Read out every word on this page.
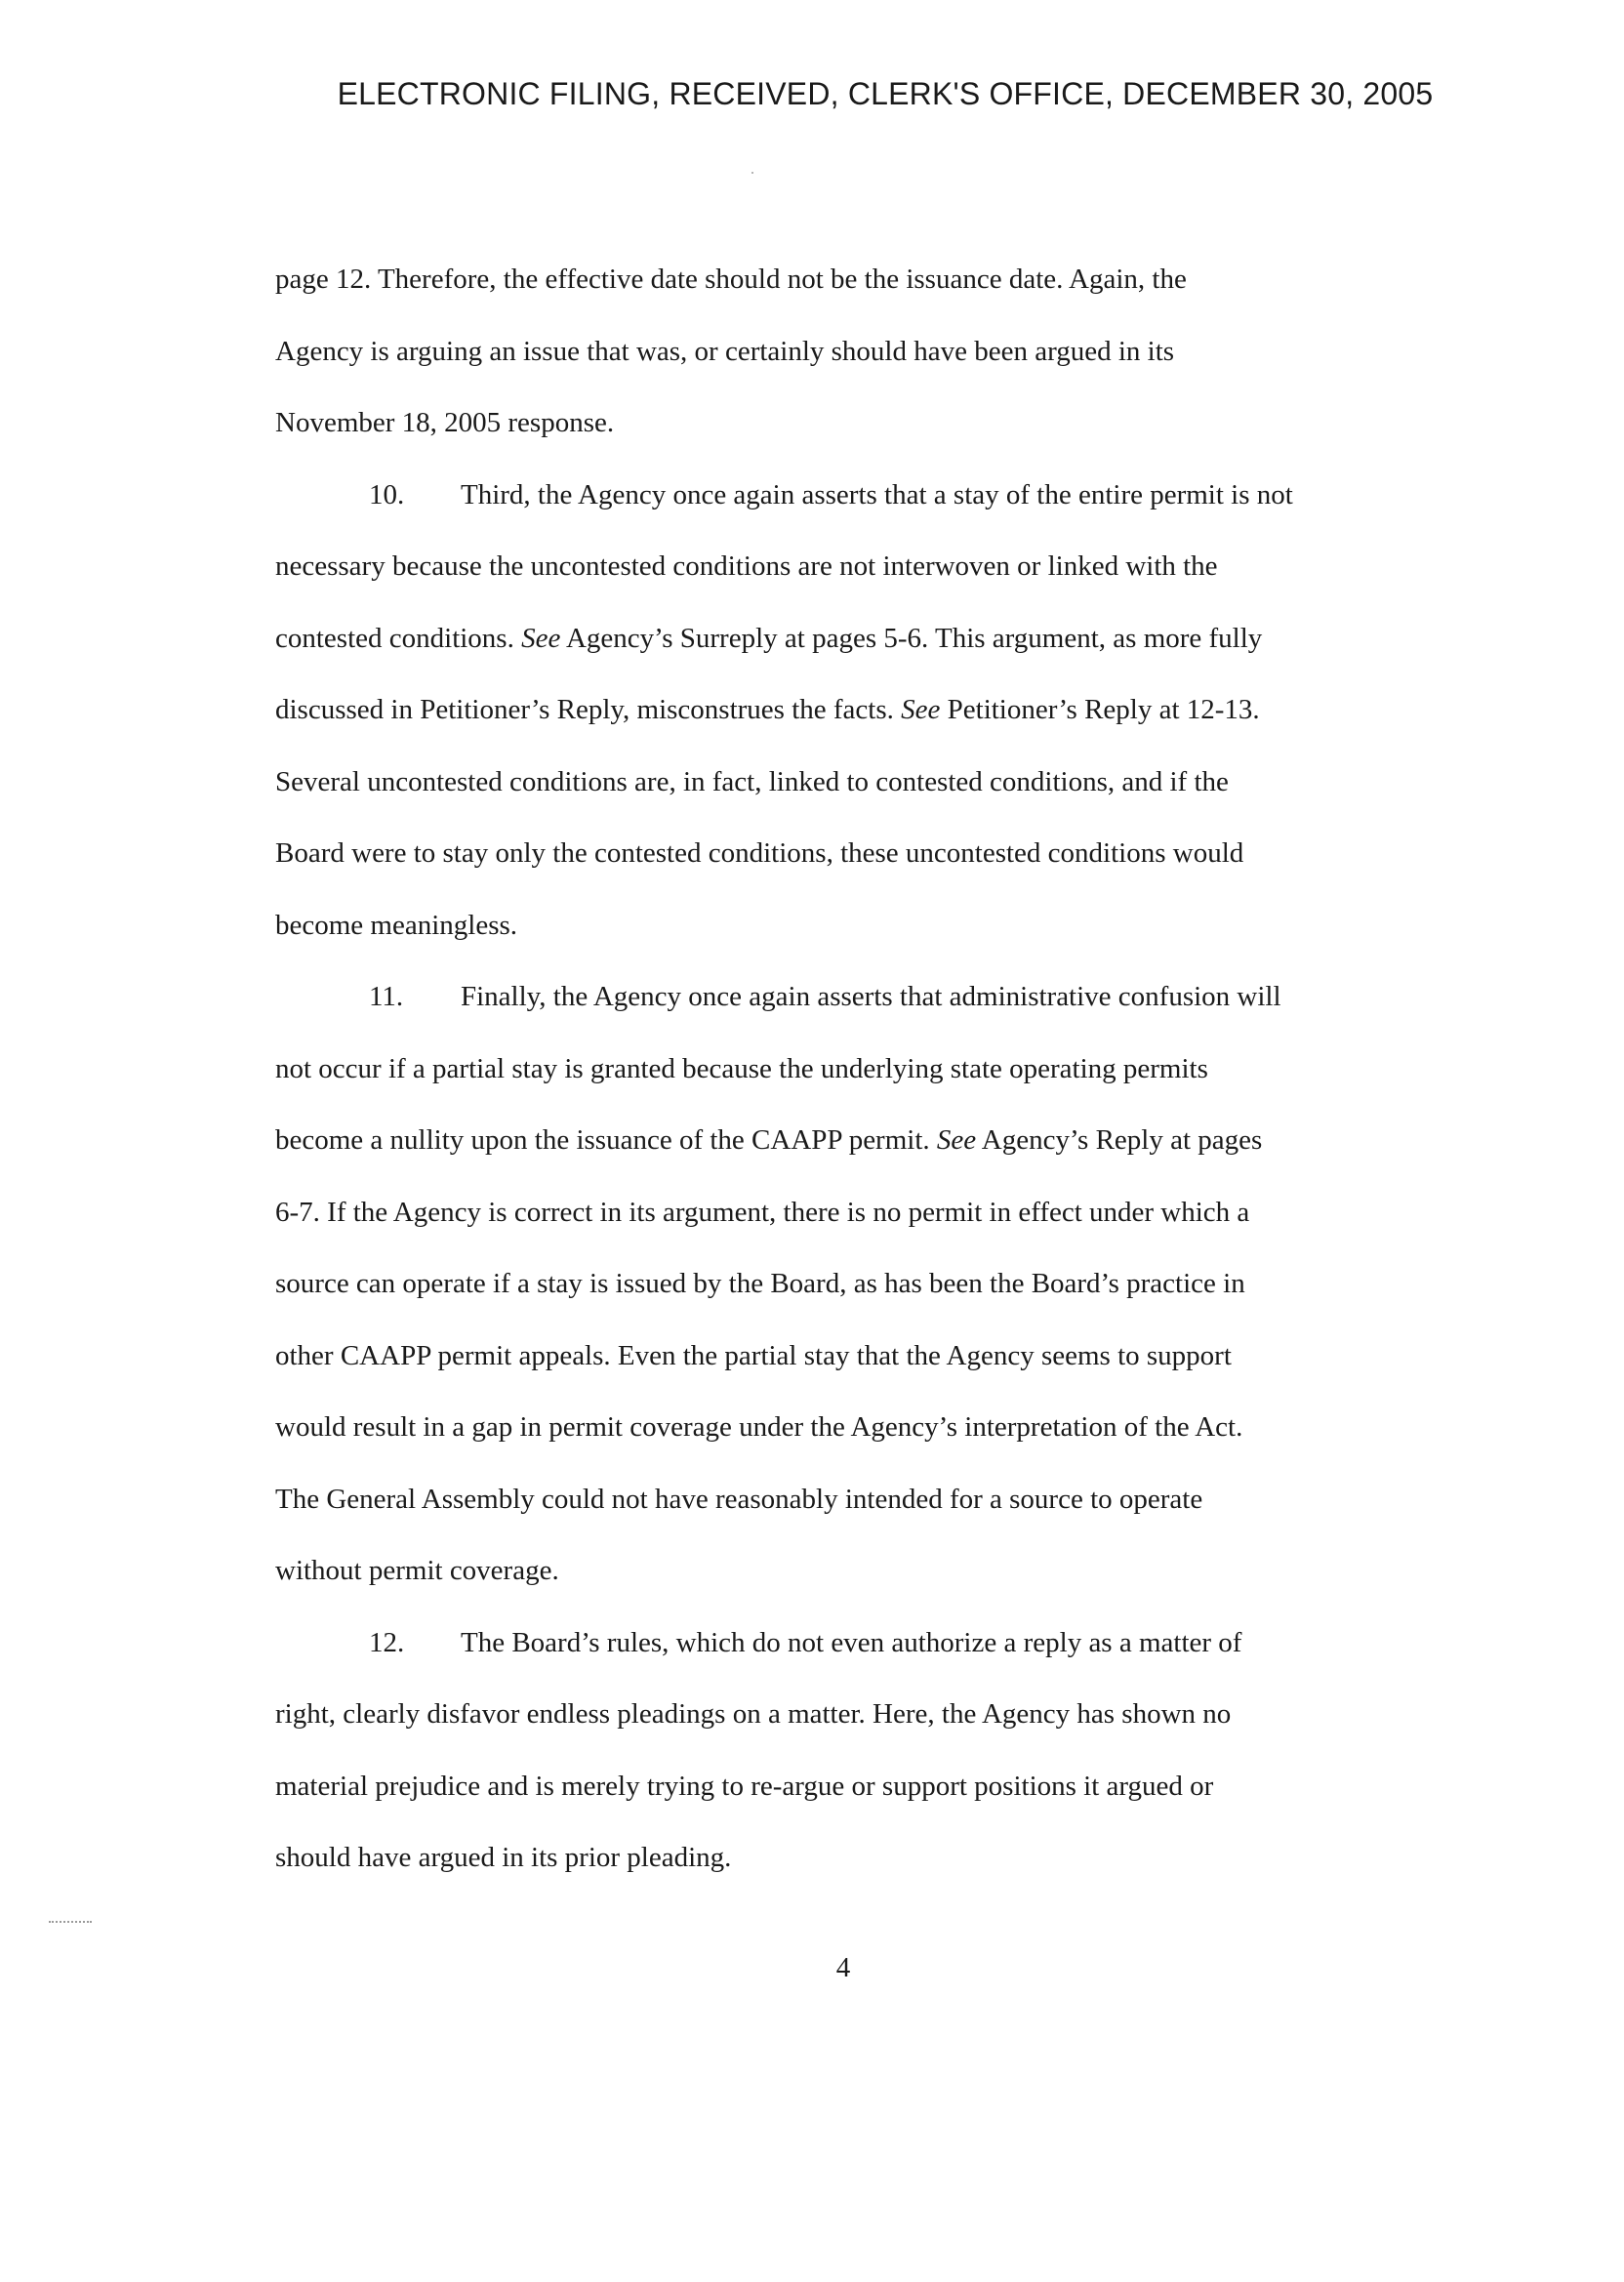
ELECTRONIC FILING, RECEIVED, CLERK'S OFFICE, DECEMBER 30, 2005
page 12. Therefore, the effective date should not be the issuance date. Again, the
Agency is arguing an issue that was, or certainly should have been argued in its
November 18, 2005 response.
10. Third, the Agency once again asserts that a stay of the entire permit is not
necessary because the uncontested conditions are not interwoven or linked with the
contested conditions. See Agency’s Surreply at pages 5-6. This argument, as more fully
discussed in Petitioner’s Reply, misconstrues the facts. See Petitioner’s Reply at 12-13.
Several uncontested conditions are, in fact, linked to contested conditions, and if the
Board were to stay only the contested conditions, these uncontested conditions would
become meaningless.
11. Finally, the Agency once again asserts that administrative confusion will
not occur if a partial stay is granted because the underlying state operating permits
become a nullity upon the issuance of the CAAPP permit. See Agency’s Reply at pages
6-7. If the Agency is correct in its argument, there is no permit in effect under which a
source can operate if a stay is issued by the Board, as has been the Board’s practice in
other CAAPP permit appeals. Even the partial stay that the Agency seems to support
would result in a gap in permit coverage under the Agency’s interpretation of the Act.
The General Assembly could not have reasonably intended for a source to operate
without permit coverage.
12. The Board’s rules, which do not even authorize a reply as a matter of
right, clearly disfavor endless pleadings on a matter. Here, the Agency has shown no
material prejudice and is merely trying to re-argue or support positions it argued or
should have argued in its prior pleading.
4
